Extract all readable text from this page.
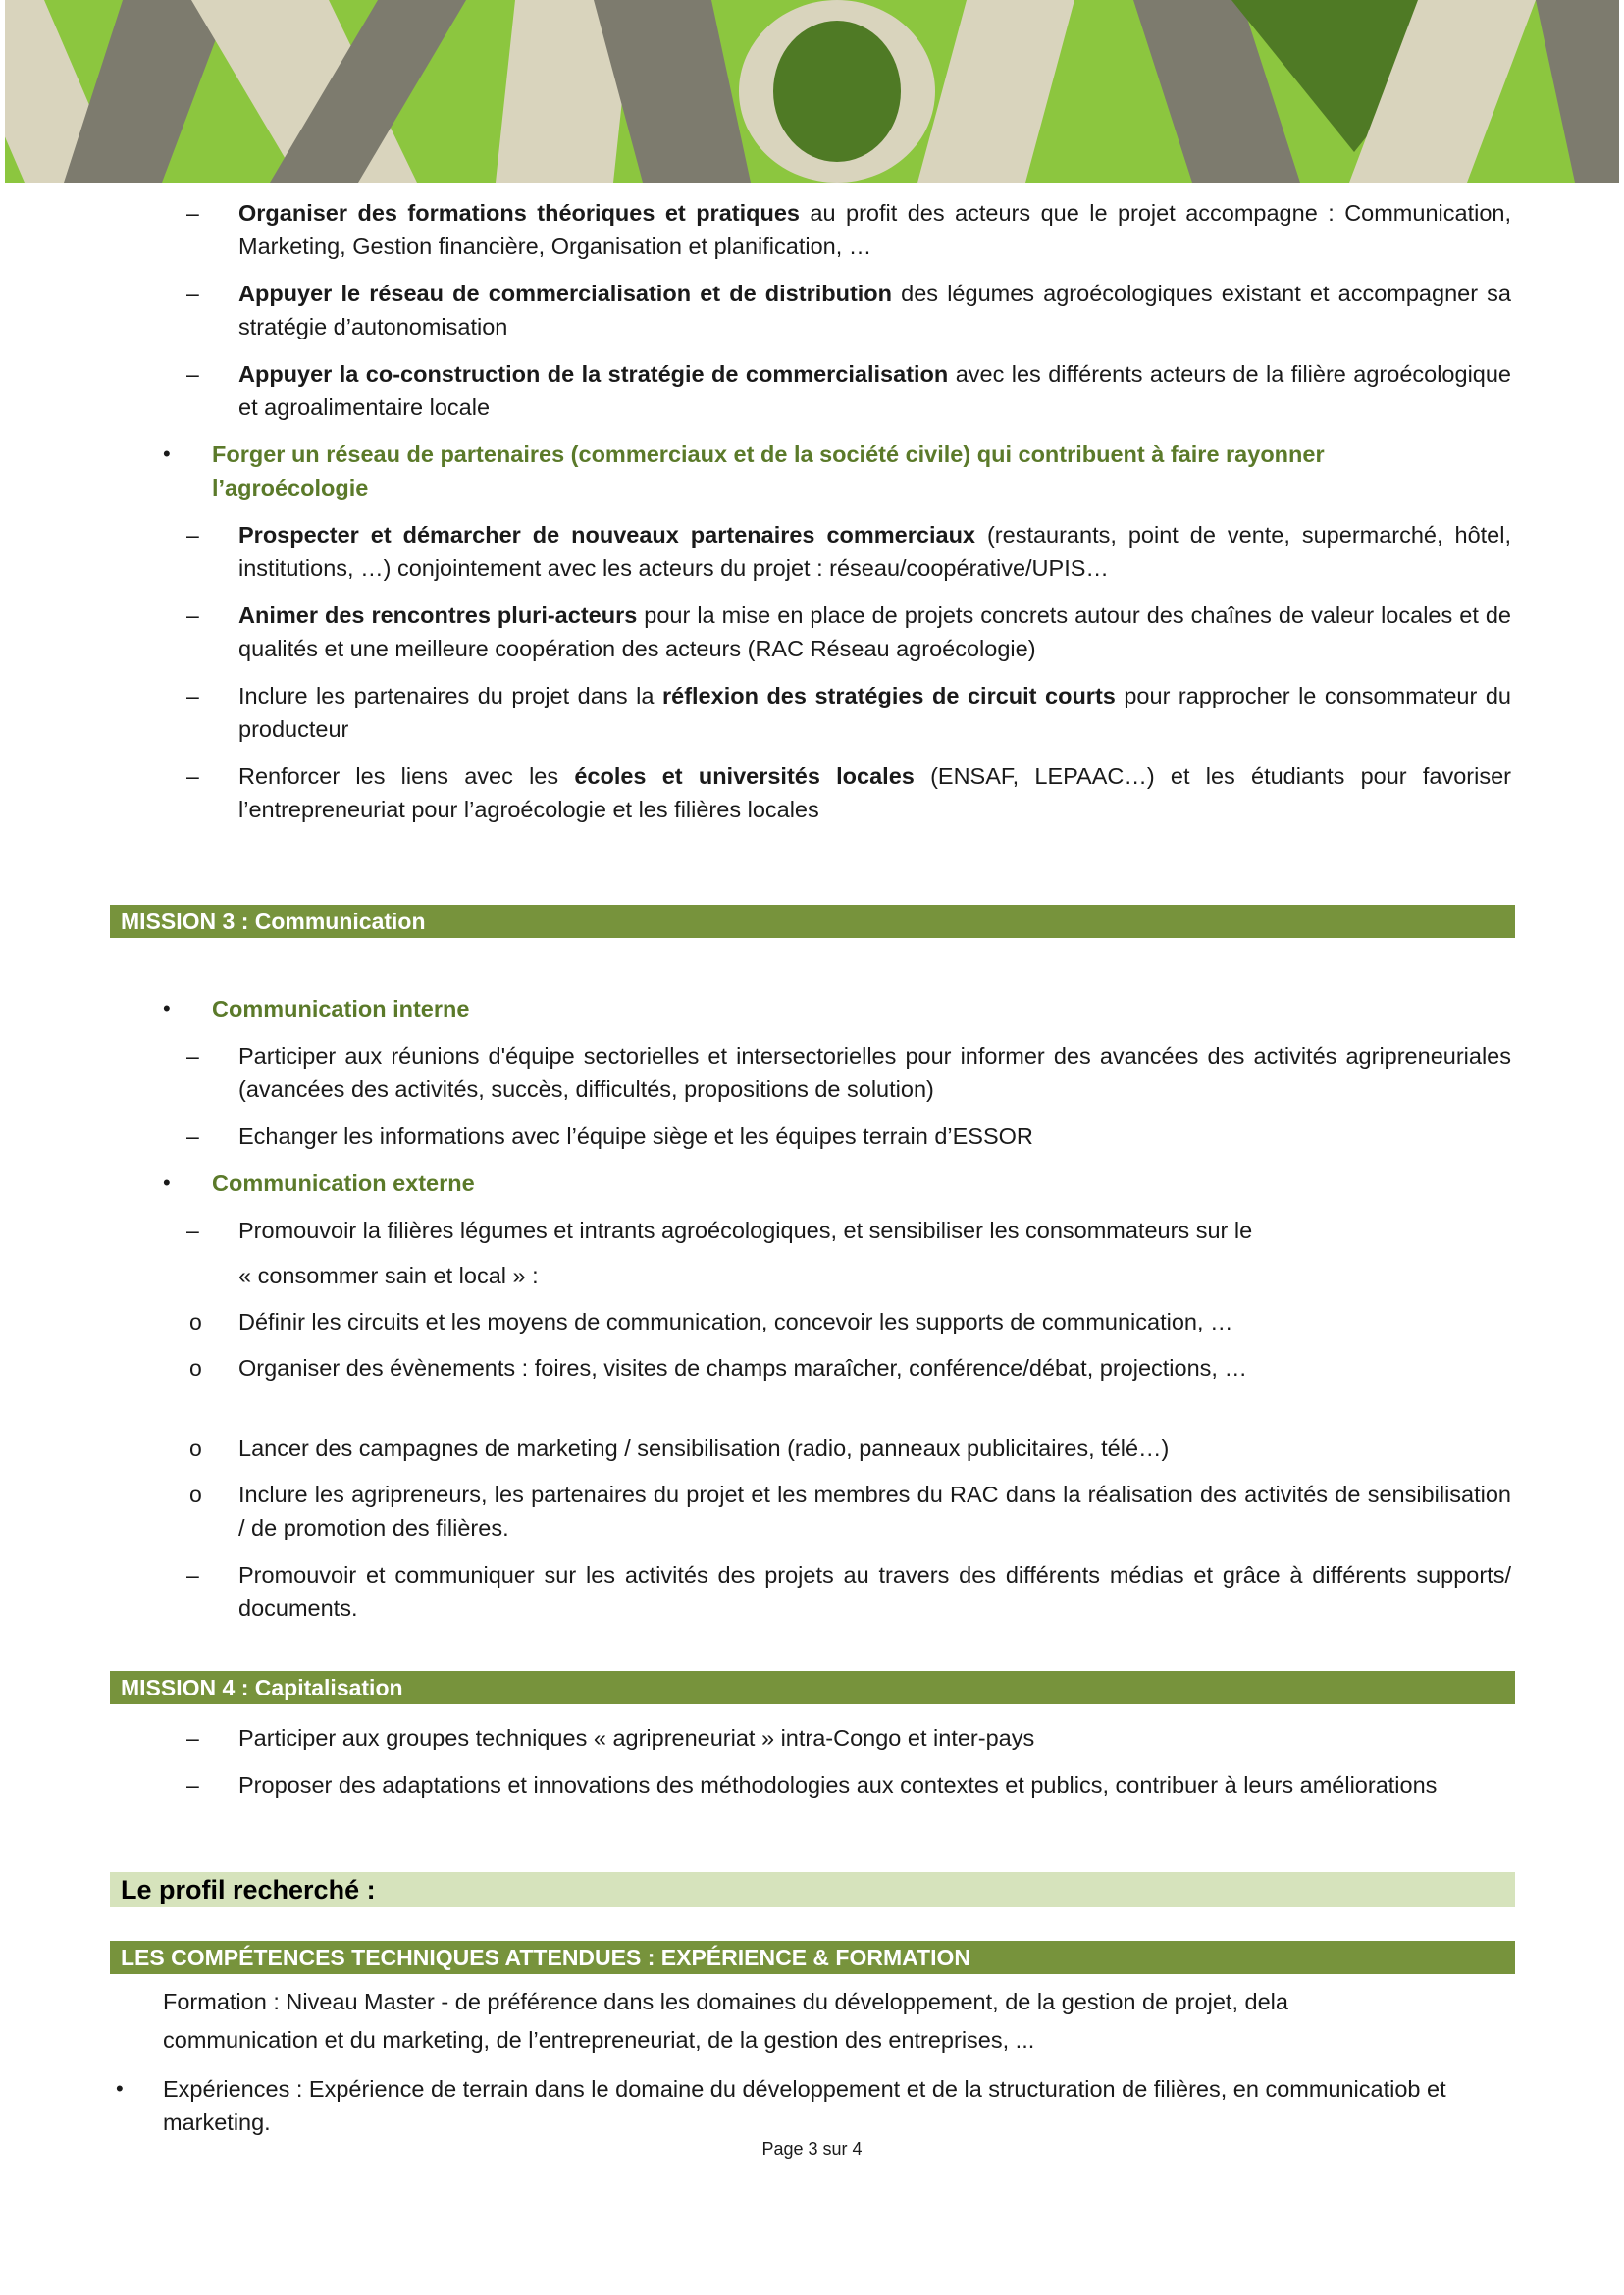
– Organiser des formations théoriques et pratiques au profit des acteurs que le projet accompagne : Communication, Marketing, Gestion financière, Organisation et planification, …
– Appuyer le réseau de commercialisation et de distribution des légumes agroécologiques existant et accompagner sa stratégie d’autonomisation
– Appuyer la co-construction de la stratégie de commercialisation avec les différents acteurs de la filière agroécologique et agroalimentaire locale
• Forger un réseau de partenaires (commerciaux et de la société civile) qui contribuent à faire rayonner l’agroécologie
– Prospecter et démarcher de nouveaux partenaires commerciaux (restaurants, point de vente, supermarché, hôtel, institutions, …) conjointement avec les acteurs du projet : réseau/coopérative/UPIS…
– Animer des rencontres pluri-acteurs pour la mise en place de projets concrets autour des chaînes de valeur locales et de qualités et une meilleure coopération des acteurs (RAC Réseau agroécologie)
– Inclure les partenaires du projet dans la réflexion des stratégies de circuit courts pour rapprocher le consommateur du producteur
– Renforcer les liens avec les écoles et universités locales (ENSAF, LEPAAC…) et les étudiants pour favoriser l’entrepreneuriat pour l’agroécologie et les filières locales
MISSION 3 : Communication
• Communication interne
– Participer aux réunions d'équipe sectorielles et intersectorielles pour informer des avancées des activités agripreneuriales (avancées des activités, succès, difficultés, propositions de solution)
– Echanger les informations avec l’équipe siège et les équipes terrain d’ESSOR
• Communication externe
– Promouvoir la filières légumes et intrants agroécologiques, et sensibiliser les consommateurs sur le
« consommer sain et local » :
o Définir les circuits et les moyens de communication, concevoir les supports de communication, …
o Organiser des évènements : foires, visites de champs maraîcher, conférence/débat, projections, …
o Lancer des campagnes de marketing / sensibilisation (radio, panneaux publicitaires, télé…)
o Inclure les agripreneurs, les partenaires du projet et les membres du RAC dans la réalisation des activités de sensibilisation / de promotion des filières.
– Promouvoir et communiquer sur les activités des projets au travers des différents médias et grâce à différents supports/ documents.
MISSION 4 : Capitalisation
– Participer aux groupes techniques « agripreneuriat » intra-Congo et inter-pays
– Proposer des adaptations et innovations des méthodologies aux contextes et publics, contribuer à leurs améliorations
Le profil recherché :
LES COMPÉTENCES TECHNIQUES ATTENDUES : EXPÉRIENCE & FORMATION
Formation : Niveau Master - de préférence dans les domaines du développement, de la gestion de projet, dela communication et du marketing, de l’entrepreneuriat, de la gestion des entreprises, ...
• Expériences : Expérience de terrain dans le domaine du développement et de la structuration de filières, en communicatiob et marketing.
Page 3 sur 4
